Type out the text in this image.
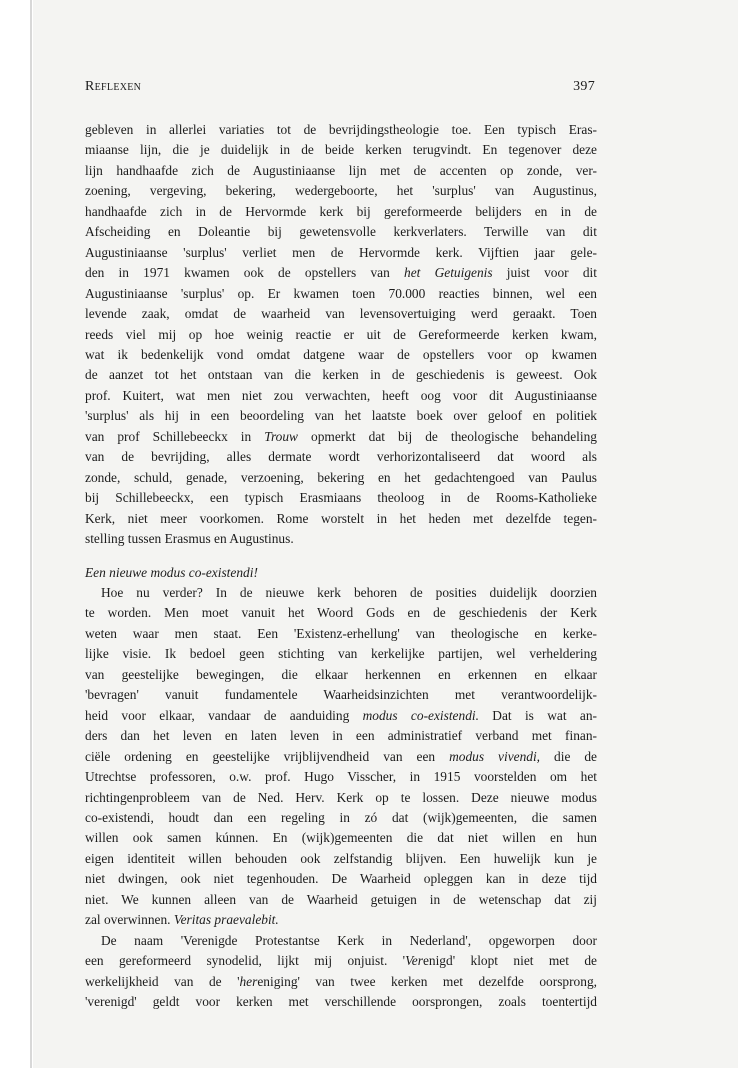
Reflexen	397
gebleven in allerlei variaties tot de bevrijdingstheologie toe. Een typisch Eras-
miaanse lijn, die je duidelijk in de beide kerken terugvindt. En tegenover deze
lijn handhaafde zich de Augustiniaanse lijn met de accenten op zonde, ver-
zoening, vergeving, bekering, wedergeboorte, het 'surplus' van Augustinus,
handhaafde zich in de Hervormde kerk bij gereformeerde belijders en in de
Afscheiding en Doleantie bij gewetensvolle kerkverlaters. Terwille van dit
Augustiniaanse 'surplus' verliet men de Hervormde kerk. Vijftien jaar gele-
den in 1971 kwamen ook de opstellers van het Getuigenis juist voor dit
Augustiniaanse 'surplus' op. Er kwamen toen 70.000 reacties binnen, wel een
levende zaak, omdat de waarheid van levensovertuiging werd geraakt. Toen
reeds viel mij op hoe weinig reactie er uit de Gereformeerde kerken kwam,
wat ik bedenkelijk vond omdat datgene waar de opstellers voor op kwamen
de aanzet tot het ontstaan van die kerken in de geschiedenis is geweest. Ook
prof. Kuitert, wat men niet zou verwachten, heeft oog voor dit Augustiniaanse
'surplus' als hij in een beoordeling van het laatste boek over geloof en politiek
van prof Schillebeeckx in Trouw opmerkt dat bij de theologische behandeling
van de bevrijding, alles dermate wordt verhorizontaliseerd dat woord als
zonde, schuld, genade, verzoening, bekering en het gedachtengoed van Paulus
bij Schillebeeckx, een typisch Erasmiaans theoloog in de Rooms-Katholieke
Kerk, niet meer voorkomen. Rome worstelt in het heden met dezelfde tegen-
stelling tussen Erasmus en Augustinus.
Een nieuwe modus co-existendi!
Hoe nu verder? In de nieuwe kerk behoren de posities duidelijk doorzien
te worden. Men moet vanuit het Woord Gods en de geschiedenis der Kerk
weten waar men staat. Een 'Existenz-erhellung' van theologische en kerke-
lijke visie. Ik bedoel geen stichting van kerkelijke partijen, wel verheldering
van geestelijke bewegingen, die elkaar herkennen en erkennen en elkaar
'bevragen' vanuit fundamentele Waarheidsinzichten met verantwoordelijk-
heid voor elkaar, vandaar de aanduiding modus co-existendi. Dat is wat an-
ders dan het leven en laten leven in een administratief verband met finan-
ciële ordening en geestelijke vrijblijvendheid van een modus vivendi, die de
Utrechtse professoren, o.w. prof. Hugo Visscher, in 1915 voorstelden om het
richtingenprobleem van de Ned. Herv. Kerk op te lossen. Deze nieuwe modus
co-existendi, houdt dan een regeling in zó dat (wijk)gemeenten, die samen
willen ook samen kúnnen. En (wijk)gemeenten die dat niet willen en hun
eigen identiteit willen behouden ook zelfstandig blijven. Een huwelijk kun je
niet dwingen, ook niet tegenhouden. De Waarheid opleggen kan in deze tijd
niet. We kunnen alleen van de Waarheid getuigen in de wetenschap dat zij
zal overwinnen. Veritas praevalebit.
De naam 'Verenigde Protestantse Kerk in Nederland', opgeworpen door
een gereformeerd synodelid, lijkt mij onjuist. 'Verenigd' klopt niet met de
werkelijkheid van de 'hereniging' van twee kerken met dezelfde oorsprong,
'verenigd' geldt voor kerken met verschillende oorsprongen, zoals toentertijd
